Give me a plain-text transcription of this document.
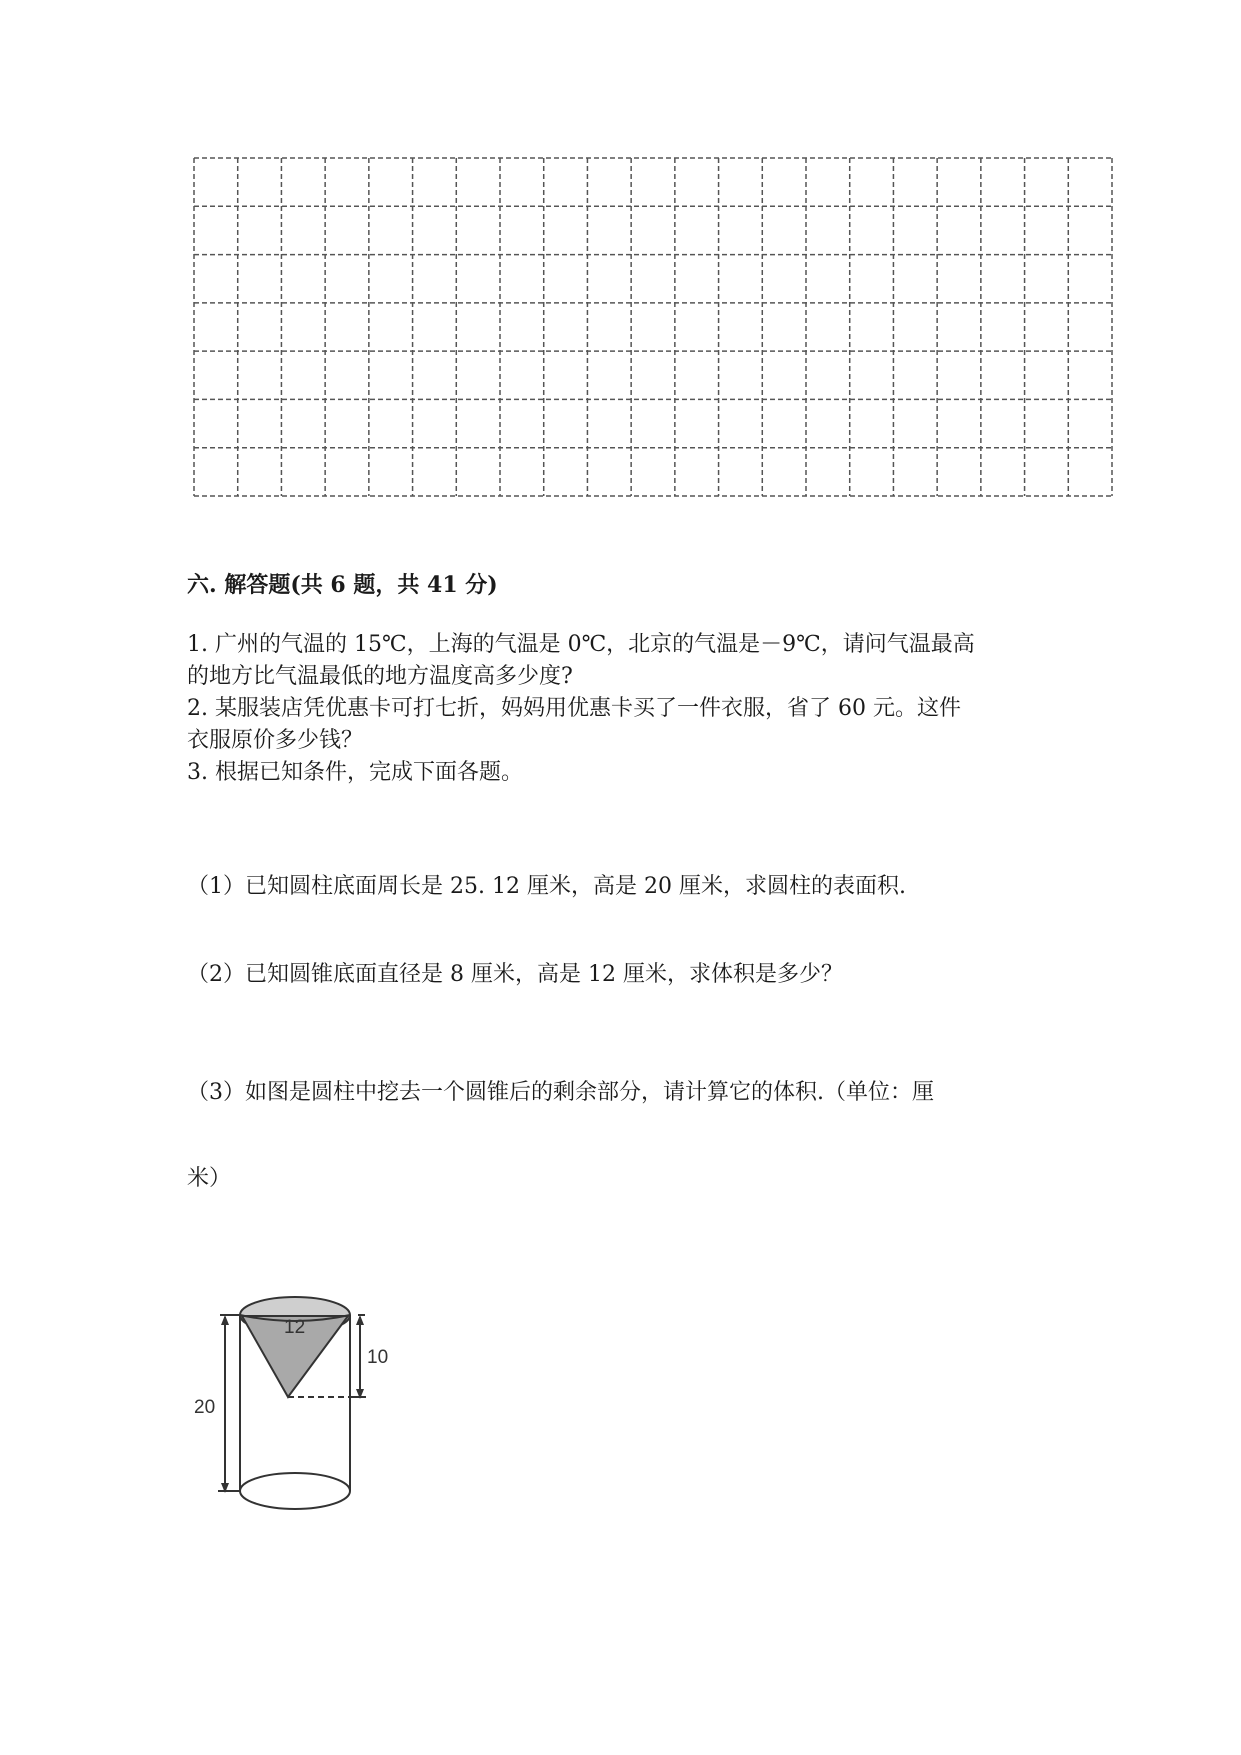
六. 解答题(共 6 题，共 41 分)

1. 广州的气温的 15℃，上海的气温是 0℃，北京的气温是－9℃，请问气温最高

的地方比气温最低的地方温度高多少度?

2. 某服装店凭优惠卡可打七折，妈妈用优惠卡买了一件衣服，省了 60 元。这件

衣服原价多少钱？

3. 根据已知条件，完成下面各题。

（1）已知圆柱底面周长是 25. 12 厘米，高是 20 厘米，求圆柱的表面积.

（2）已知圆锥底面直径是 8 厘米，高是 12 厘米，求体积是多少？

（3）如图是圆柱中挖去一个圆锥后的剩余部分，请计算它的体积.（单位：厘

米）

12
20
10
